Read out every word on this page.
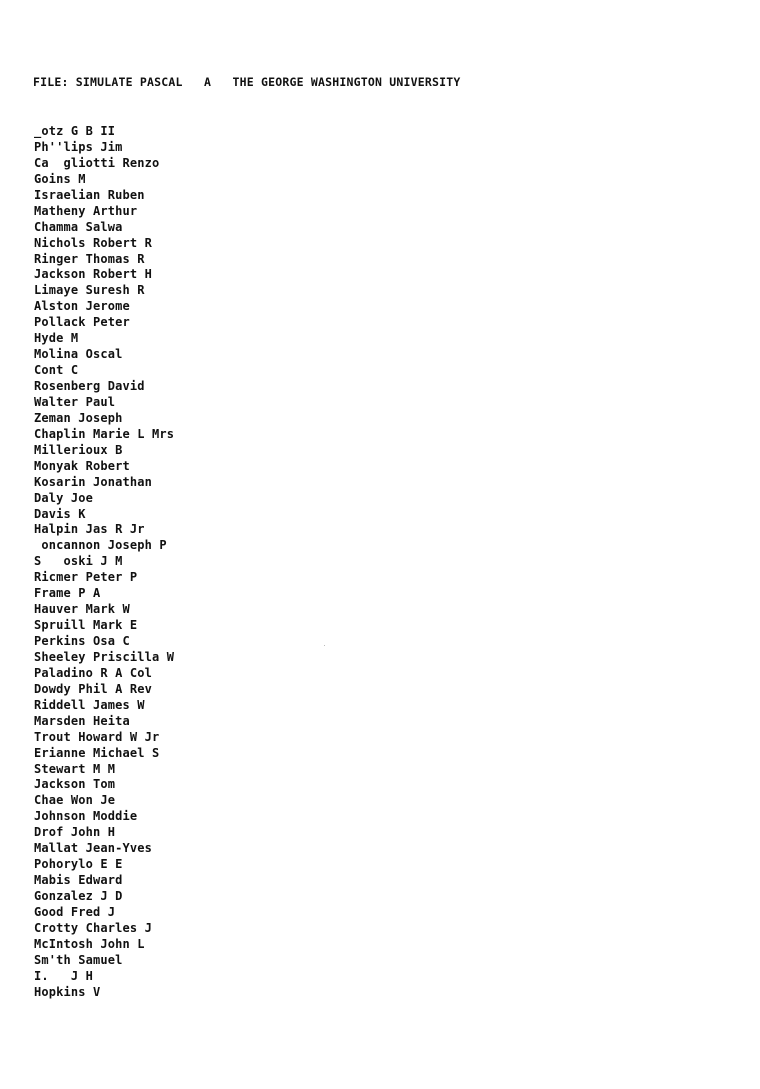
FILE: SIMULATE PASCAL A THE GEORGE WASHINGTON UNIVERSITY
_otz G B II
Ph''lips Jim
Ca  gliotti Renzo
Goins M
Israelian Ruben
Matheny Arthur
Chamma Salwa
Nichols Robert R
Ringer Thomas R
Jackson Robert H
Limaye Suresh R
Alston Jerome
Pollack Peter
Hyde M
Molina Oscal
Cont C
Rosenberg David
Walter Paul
Zeman Joseph
Chaplin Marie L Mrs
Millerioux B
Monyak Robert
Kosarin Jonathan
Daly Joe
Davis K
Halpin Jas R Jr
oncannon Joseph P
S   oski J M
Ricmer Peter P
Frame P A
Hauver Mark W
Spruill Mark E
Perkins Osa C
Sheeley Priscilla W
Paladino R A Col
Dowdy Phil A Rev
Riddell James W
Marsden Heita
Trout Howard W Jr
Erianne Michael S
Stewart M M
Jackson Tom
Chae Won Je
Johnson Moddie
Drof John H
Mallat Jean-Yves
Pohorylo E E
Mabis Edward
Gonzalez J D
Good Fred J
Crotty Charles J
McIntosh John L
Sm'th Samuel
I.   J H
Hopkins V
